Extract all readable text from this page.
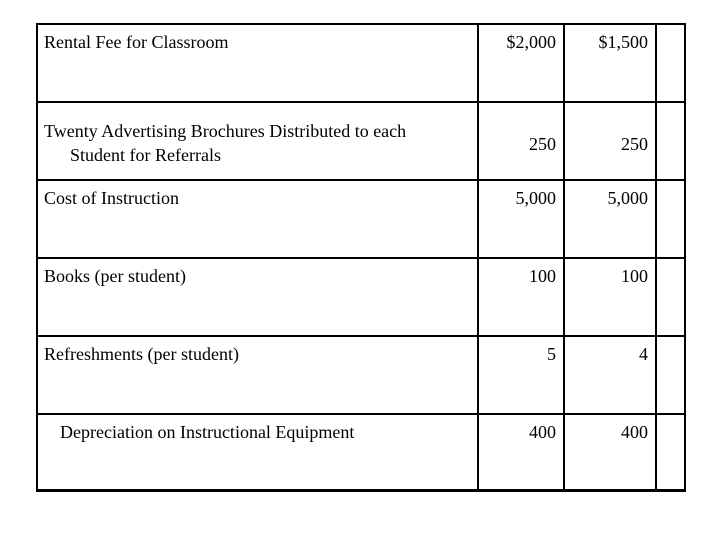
Rental Fee for Classroom	$2,000 $1,500
Twenty Advertising Brochures Distributed to each
Student for Referrals
250	250
Cost of Instruction	5,000	5,000
Books (per student)	100	100
Refreshments (per student)	5	4
Depreciation on Instructional Equipment	400	400
